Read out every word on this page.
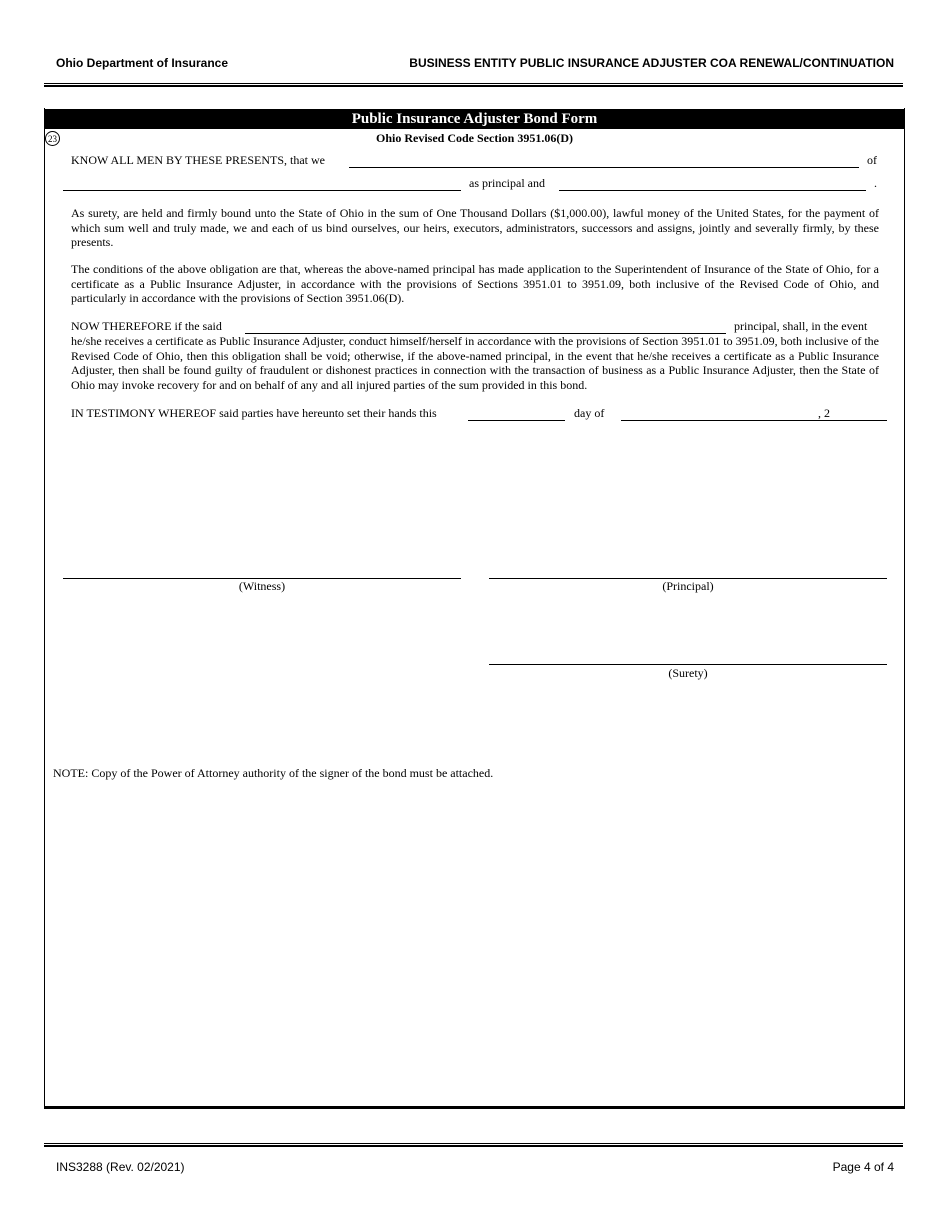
Ohio Department of Insurance	BUSINESS ENTITY PUBLIC INSURANCE ADJUSTER COA RENEWAL/CONTINUATION
Public Insurance Adjuster Bond Form
23	Ohio Revised Code Section 3951.06(D)
KNOW ALL MEN BY THESE PRESENTS, that we	of
as principal and	.
As surety, are held and firmly bound unto the State of Ohio in the sum of One Thousand Dollars ($1,000.00), lawful money of the United States, for the payment of which sum well and truly made, we and each of us bind ourselves, our heirs, executors, administrators, successors and assigns, jointly and severally firmly, by these presents.
The conditions of the above obligation are that, whereas the above-named principal has made application to the Superintendent of Insurance of the State of Ohio, for a certificate as a Public Insurance Adjuster, in accordance with the provisions of Sections 3951.01 to 3951.09, both inclusive of the Revised Code of Ohio, and particularly in accordance with the provisions of Section 3951.06(D).
NOW THEREFORE if the said	principal, shall, in the event
he/she receives a certificate as Public Insurance Adjuster, conduct himself/herself in accordance with the provisions of Section 3951.01 to 3951.09, both inclusive of the Revised Code of Ohio, then this obligation shall be void; otherwise, if the above-named principal, in the event that he/she receives a certificate as a Public Insurance Adjuster, then shall be found guilty of fraudulent or dishonest practices in connection with the transaction of business as a Public Insurance Adjuster, then the State of Ohio may invoke recovery for and on behalf of any and all injured parties of the sum provided in this bond.
IN TESTIMONY WHEREOF said parties have hereunto set their hands this	day of	, 2
(Witness)	(Principal)
(Surety)
NOTE: Copy of the Power of Attorney authority of the signer of the bond must be attached.
INS3288 (Rev. 02/2021)	Page 4 of 4
